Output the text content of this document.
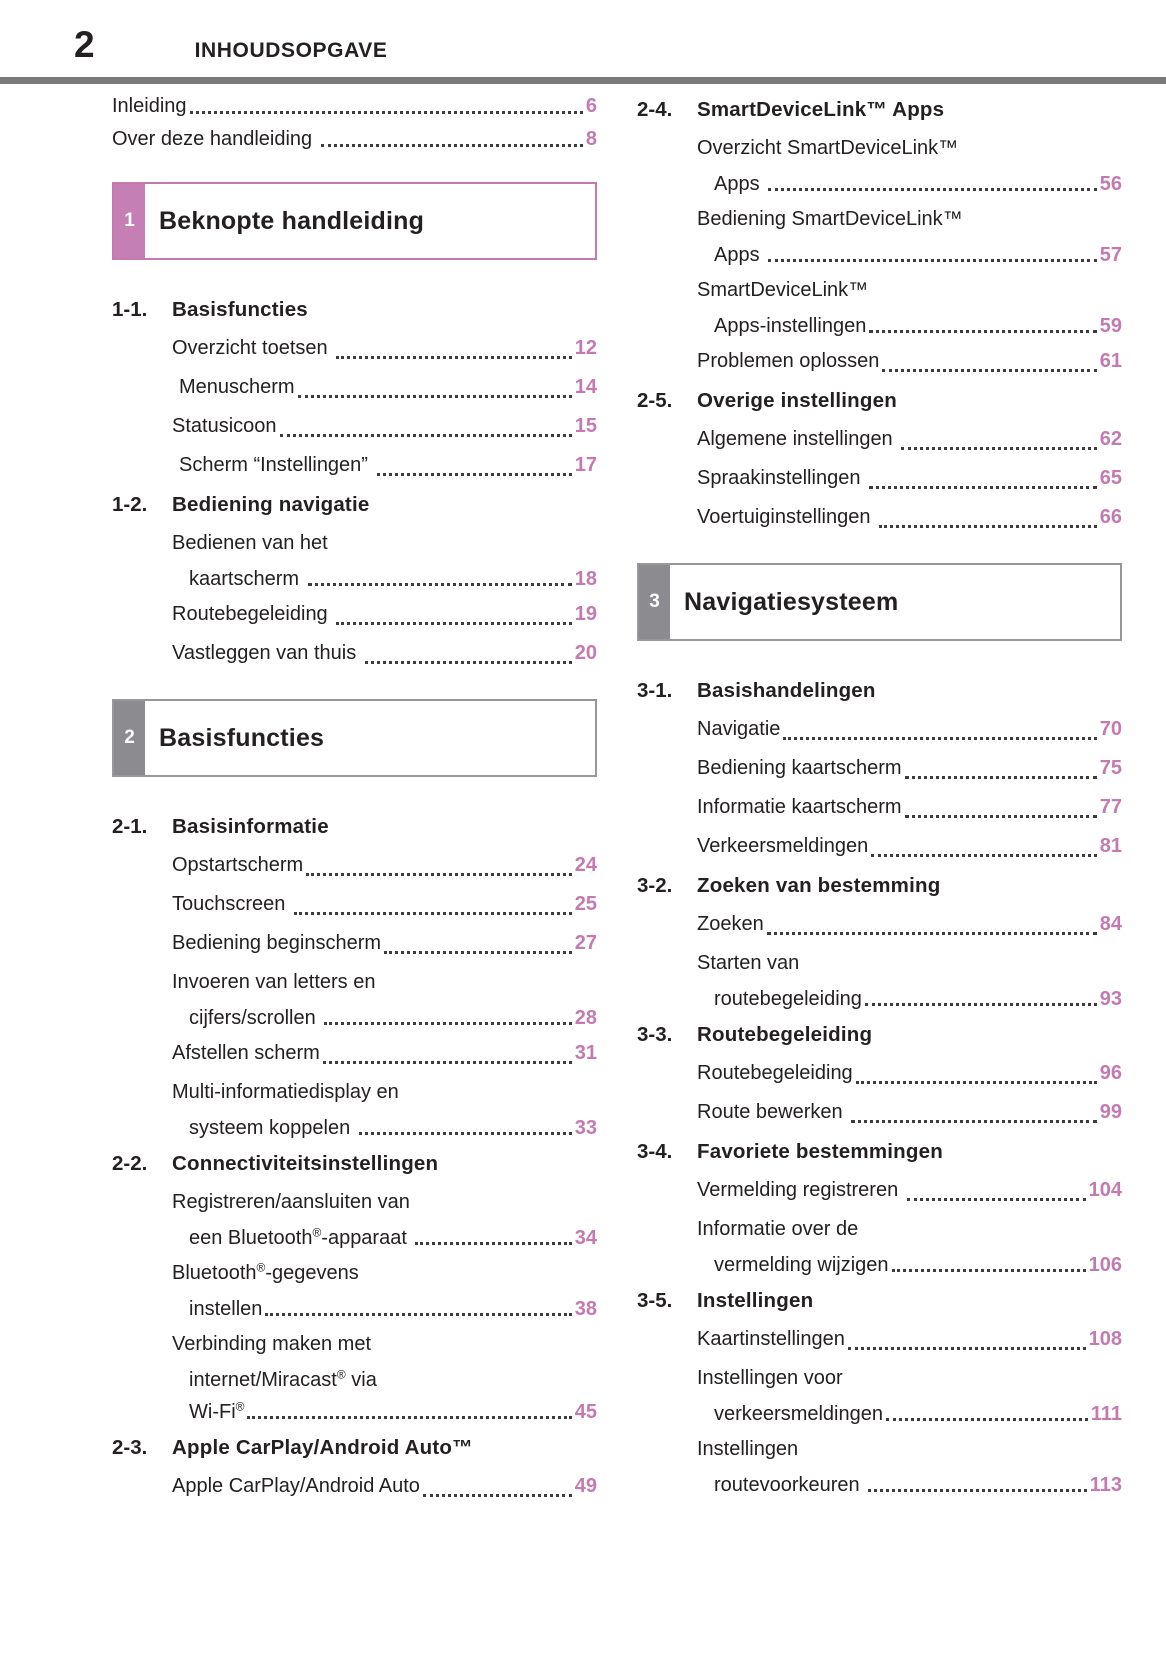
2	INHOUDSOPGAVE
Inleiding	6
Over deze handleiding	8
1 Beknopte handleiding
1-1.	Basisfuncties
Overzicht toetsen	12
Menuscherm	14
Statusicoon	15
Scherm “Instellingen”	17
1-2.	Bediening navigatie
Bedienen van het
kaartscherm	18
Routebegeleiding	19
Vastleggen van thuis	20
2 Basisfuncties
2-1.	Basisinformatie
Opstartscherm	24
Touchscreen	25
Bediening beginscherm	27
Invoeren van letters en
cijfers/scrollen	28
Afstellen scherm	31
Multi-informatiedisplay en
systeem koppelen	33
2-2.	Connectiviteitsinstellingen
Registreren/aansluiten van
een Bluetooth®-apparaat	34
Bluetooth®-gegevens
instellen	38
Verbinding maken met
internet/Miracast® via
Wi-Fi®	45
2-3.	Apple CarPlay/Android Auto™
Apple CarPlay/Android Auto	49
2-4.	SmartDeviceLink™ Apps
Overzicht SmartDeviceLink™
Apps	56
Bediening SmartDeviceLink™
Apps	57
SmartDeviceLink™
Apps-instellingen	59
Problemen oplossen	61
2-5.	Overige instellingen
Algemene instellingen	62
Spraakinstellingen	65
Voertuiginstellingen	66
3 Navigatiesysteem
3-1.	Basishandelingen
Navigatie	70
Bediening kaartscherm	75
Informatie kaartscherm	77
Verkeersmeldingen	81
3-2.	Zoeken van bestemming
Zoeken	84
Starten van
routebegeleiding	93
3-3.	Routebegeleiding
Routebegeleiding	96
Route bewerken	99
3-4.	Favoriete bestemmingen
Vermelding registreren	104
Informatie over de
vermelding wijzigen	106
3-5.	Instellingen
Kaartinstellingen	108
Instellingen voor
verkeersmeldingen	111
Instellingen
routevoorkeuren	113
